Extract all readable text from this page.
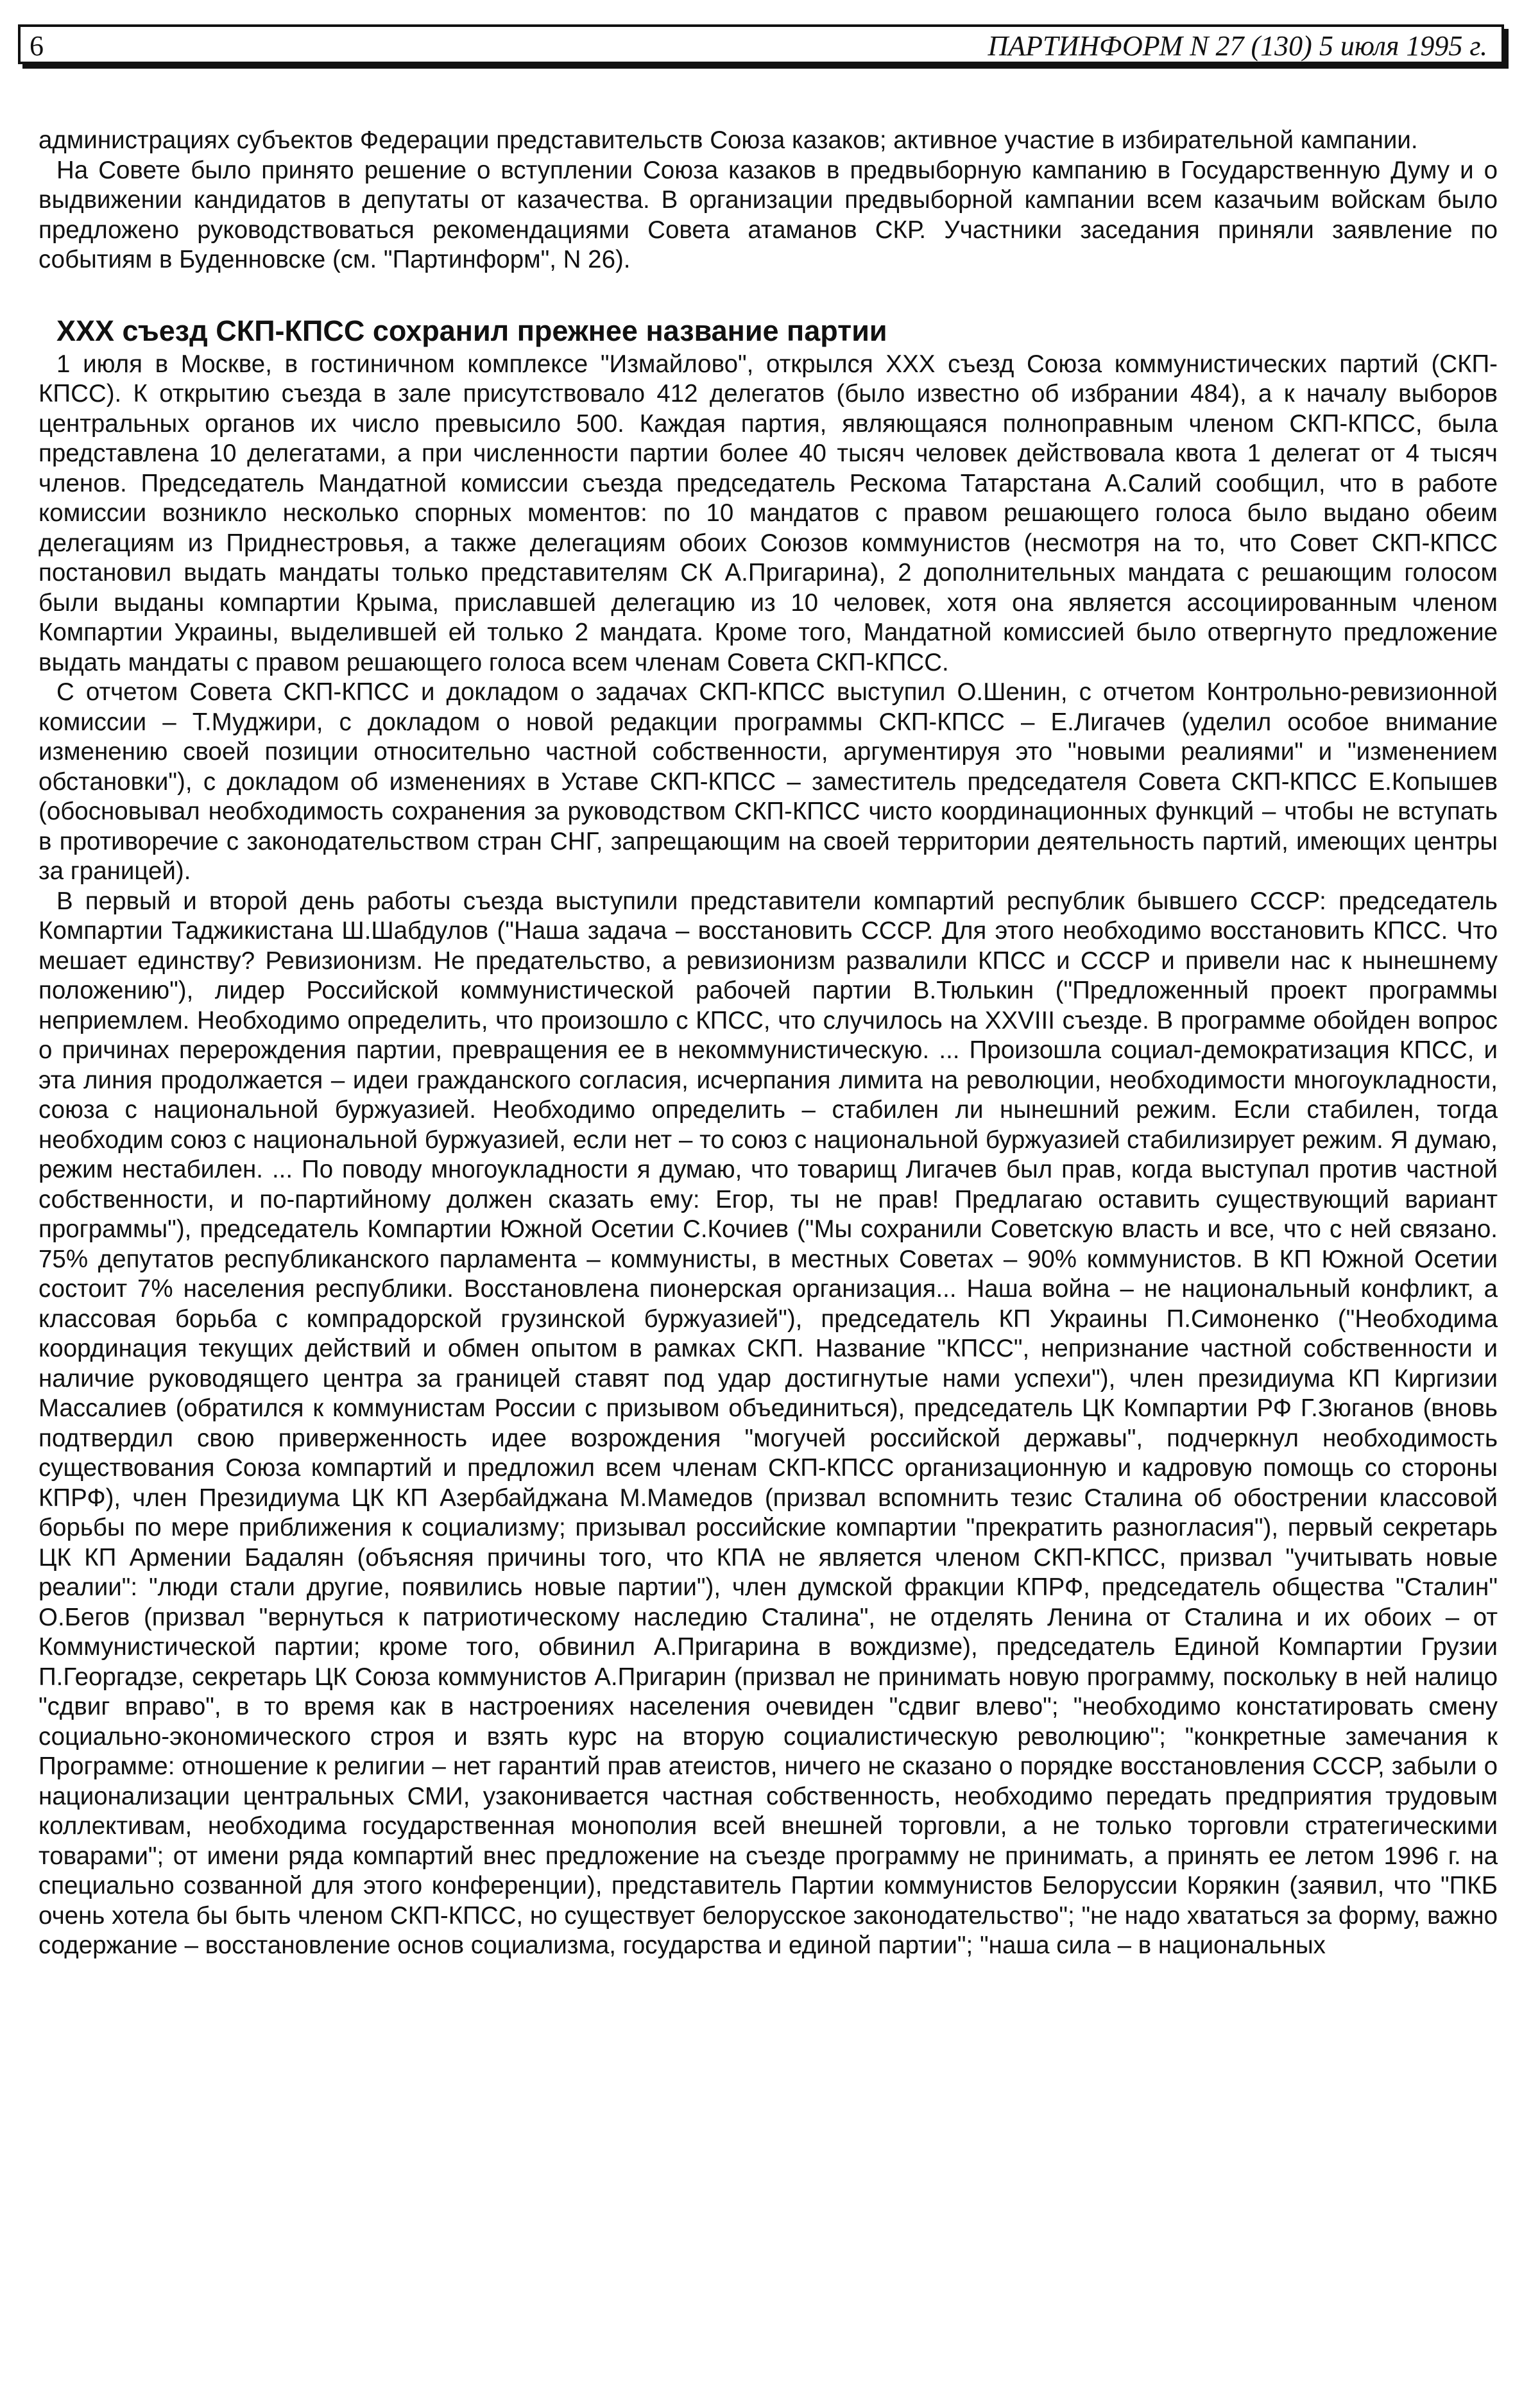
6	ПАРТИНФОРМ N 27 (130) 5 июля 1995 г.

администрациях субъектов Федерации представительств Союза казаков; активное участие в избирательной кампании.

На Совете было принято решение о вступлении Союза казаков в предвыборную кампанию в Государственную Думу и о выдвижении кандидатов в депутаты от казачества. В организации предвыборной кампании всем казачьим войскам было предложено руководствоваться рекомендациями Совета атаманов СКР. Участники заседания приняли заявление по событиям в Буденновске (см. "Партинформ", N 26).

XXX съезд СКП-КПСС сохранил прежнее название партии

1 июля в Москве, в гостиничном комплексе "Измайлово", открылся XXX съезд Союза коммунистических партий (СКП-КПСС). К открытию съезда в зале присутствовало 412 делегатов (было известно об избрании 484), а к началу выборов центральных органов их число превысило 500. Каждая партия, являющаяся полноправным членом СКП-КПСС, была представлена 10 делегатами, а при численности партии более 40 тысяч человек действовала квота 1 делегат от 4 тысяч членов. Председатель Мандатной комиссии съезда председатель Рескома Татарстана А.Салий сообщил, что в работе комиссии возникло несколько спорных моментов: по 10 мандатов с правом решающего голоса было выдано обеим делегациям из Приднестровья, а также делегациям обоих Союзов коммунистов (несмотря на то, что Совет СКП-КПСС постановил выдать мандаты только представителям СК А.Пригарина), 2 дополнительных мандата с решающим голосом были выданы компартии Крыма, приславшей делегацию из 10 человек, хотя она является ассоциированным членом Компартии Украины, выделившей ей только 2 мандата. Кроме того, Мандатной комиссией было отвергнуто предложение выдать мандаты с правом решающего голоса всем членам Совета СКП-КПСС.

С отчетом Совета СКП-КПСС и докладом о задачах СКП-КПСС выступил О.Шенин, с отчетом Контрольно-ревизионной комиссии – Т.Муджири, с докладом о новой редакции программы СКП-КПСС – Е.Лигачев (уделил особое внимание изменению своей позиции относительно частной собственности, аргументируя это "новыми реалиями" и "изменением обстановки"), с докладом об изменениях в Уставе СКП-КПСС – заместитель председателя Совета СКП-КПСС Е.Копышев (обосновывал необходимость сохранения за руководством СКП-КПСС чисто координационных функций – чтобы не вступать в противоречие с законодательством стран СНГ, запрещающим на своей территории деятельность партий, имеющих центры за границей).

В первый и второй день работы съезда выступили представители компартий республик бывшего СССР: председатель Компартии Таджикистана Ш.Шабдулов ("Наша задача – восстановить СССР. Для этого необходимо восстановить КПСС. Что мешает единству? Ревизионизм. Не предательство, а ревизионизм развалили КПСС и СССР и привели нас к нынешнему положению"), лидер Российской коммунистической рабочей партии В.Тюлькин ("Предложенный проект программы неприемлем. Необходимо определить, что произошло с КПСС, что случилось на XXVIII съезде. В программе обойден вопрос о причинах перерождения партии, превращения ее в некоммунистическую. ... Произошла социал-демократизация КПСС, и эта линия продолжается – идеи гражданского согласия, исчерпания лимита на революции, необходимости многоукладности, союза с национальной буржуазией. Необходимо определить – стабилен ли нынешний режим. Если стабилен, тогда необходим союз с национальной буржуазией, если нет – то союз с национальной буржуазией стабилизирует режим. Я думаю, режим нестабилен. ... По поводу многоукладности я думаю, что товарищ Лигачев был прав, когда выступал против частной собственности, и по-партийному должен сказать ему: Егор, ты не прав! Предлагаю оставить существующий вариант программы"), председатель Компартии Южной Осетии С.Кочиев ("Мы сохранили Советскую власть и все, что с ней связано. 75% депутатов республиканского парламента – коммунисты, в местных Советах – 90% коммунистов. В КП Южной Осетии состоит 7% населения республики. Восстановлена пионерская организация... Наша война – не национальный конфликт, а классовая борьба с компрадорской грузинской буржуазией"), председатель КП Украины П.Симоненко ("Необходима координация текущих действий и обмен опытом в рамках СКП. Название "КПСС", непризнание частной собственности и наличие руководящего центра за границей ставят под удар достигнутые нами успехи"), член президиума КП Киргизии Массалиев (обратился к коммунистам России с призывом объединиться), председатель ЦК Компартии РФ Г.Зюганов (вновь подтвердил свою приверженность идее возрождения "могучей российской державы", подчеркнул необходимость существования Союза компартий и предложил всем членам СКП-КПСС организационную и кадровую помощь со стороны КПРФ), член Президиума ЦК КП Азербайджана М.Мамедов (призвал вспомнить тезис Сталина об обострении классовой борьбы по мере приближения к социализму; призывал российские компартии "прекратить разногласия"), первый секретарь ЦК КП Армении Бадалян (объясняя причины того, что КПА не является членом СКП-КПСС, призвал "учитывать новые реалии": "люди стали другие, появились новые партии"), член думской фракции КПРФ, председатель общества "Сталин" О.Бегов (призвал "вернуться к патриотическому наследию Сталина", не отделять Ленина от Сталина и их обоих – от Коммунистической партии; кроме того, обвинил А.Пригарина в вождизме), председатель Единой Компартии Грузии П.Георгадзе, секретарь ЦК Союза коммунистов А.Пригарин (призвал не принимать новую программу, поскольку в ней налицо "сдвиг вправо", в то время как в настроениях населения очевиден "сдвиг влево"; "необходимо констатировать смену социально-экономического строя и взять курс на вторую социалистическую революцию"; "конкретные замечания к Программе: отношение к религии – нет гарантий прав атеистов, ничего не сказано о порядке восстановления СССР, забыли о национализации центральных СМИ, узаконивается частная собственность, необходимо передать предприятия трудовым коллективам, необходима государственная монополия всей внешней торговли, а не только торговли стратегическими товарами"; от имени ряда компартий внес предложение на съезде программу не принимать, а принять ее летом 1996 г. на специально созванной для этого конференции), представитель Партии коммунистов Белоруссии Корякин (заявил, что "ПКБ очень хотела бы быть членом СКП-КПСС, но существует белорусское законодательство"; "не надо хвататься за форму, важно содержание – восстановление основ социализма, государства и единой партии"; "наша сила – в национальных
